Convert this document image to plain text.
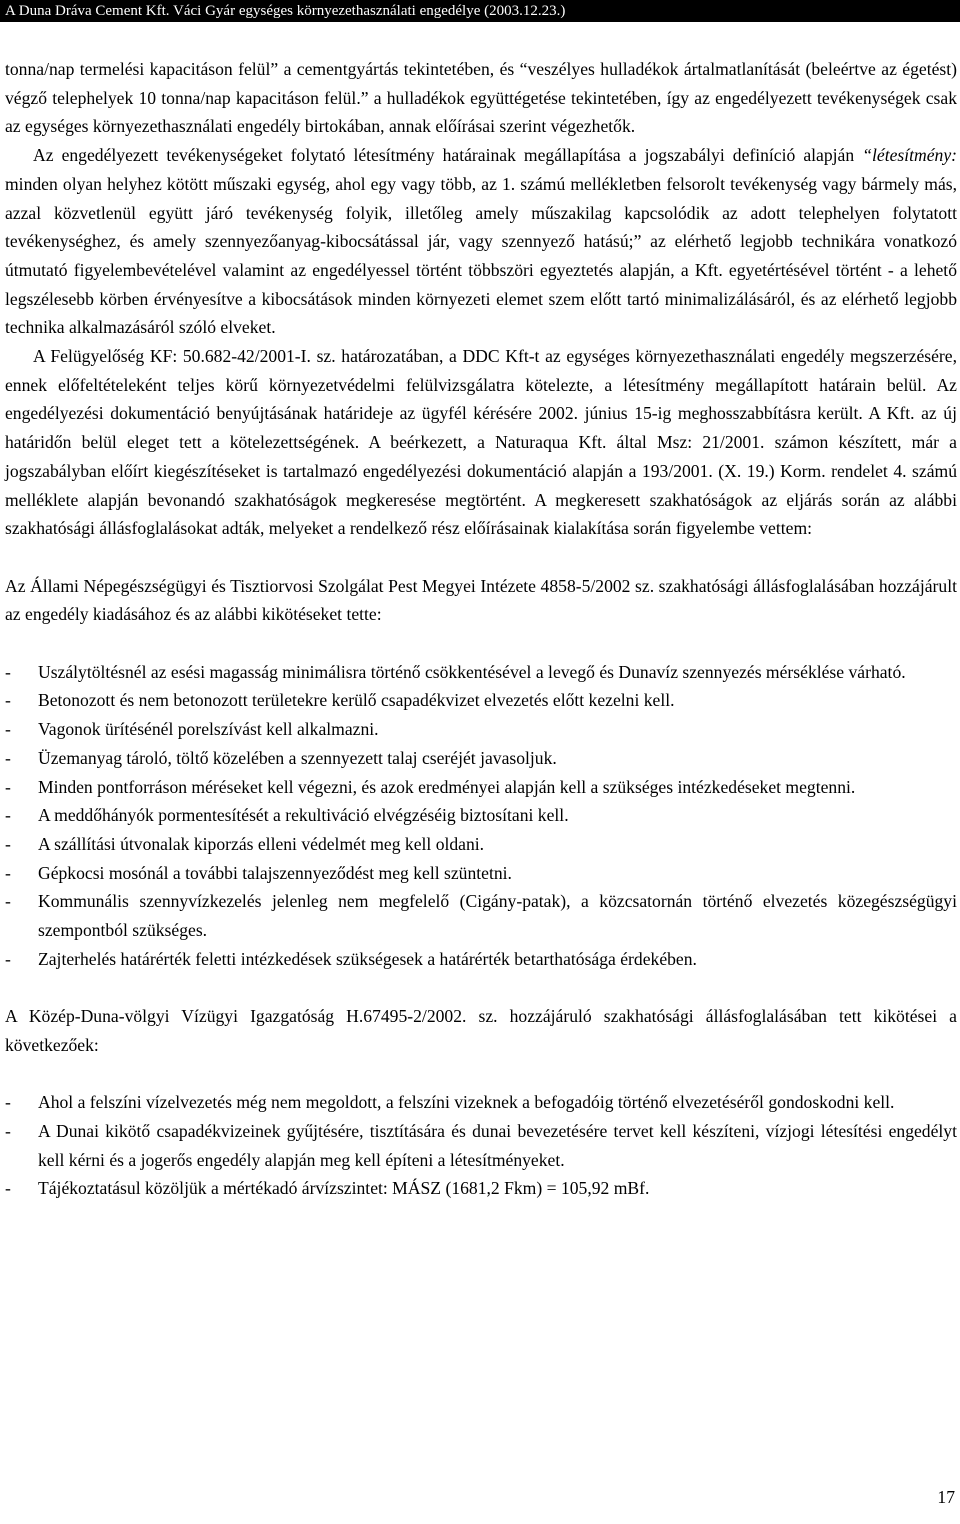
A Duna Dráva Cement Kft. Váci Gyár egységes környezethasználati engedélye (2003.12.23.)

tonna/nap termelési kapacitáson felül” a cementgyártás tekintetében, és “veszélyes hulladékok ártalmatlanítását (beleértve az égetést) végző telephelyek 10 tonna/nap kapacitáson felül.” a hulladékok együttégetése tekintetében, így az engedélyezett tevékenységek csak az egységes környezethasználati engedély birtokában, annak előírásai szerint végezhetők.

Az engedélyezett tevékenységeket folytató létesítmény határainak megállapítása a jogszabályi definíció alapján “létesítmény: minden olyan helyhez kötött műszaki egység, ahol egy vagy több, az 1. számú mellékletben felsorolt tevékenység vagy bármely más, azzal közvetlenül együtt járó tevékenység folyik, illetőleg amely műszakilag kapcsolódik az adott telephelyen folytatott tevékenységhez, és amely szennyezőanyag-kibocsátással jár, vagy szennyező hatású;” az elérhető legjobb technikára vonatkozó útmutató figyelembevételével valamint az engedélyessel történt többszöri egyeztetés alapján, a Kft. egyetértésével történt - a lehető legszélesebb körben érvényesítve a kibocsátások minden környezeti elemet szem előtt tartó minimalizálásáról, és az elérhető legjobb technika alkalmazásáról szóló elveket.

A Felügyelőség KF: 50.682-42/2001-I. sz. határozatában, a DDC Kft-t az egységes környezethasználati engedély megszerzésére, ennek előfeltételeként teljes körű környezetvédelmi felülvizsgálatra kötelezte, a létesítmény megállapított határain belül. Az engedélyezési dokumentáció benyújtásának határideje az ügyfél kérésére 2002. június 15-ig meghosszabbításra került. A Kft. az új határidőn belül eleget tett a kötelezettségének. A beérkezett, a Naturaqua Kft. által Msz: 21/2001. számon készített, már a jogszabályban előírt kiegészítéseket is tartalmazó engedélyezési dokumentáció alapján a 193/2001. (X. 19.) Korm. rendelet 4. számú melléklete alapján bevonandó szakhatóságok megkeresése megtörtént. A megkeresett szakhatóságok az eljárás során az alábbi szakhatósági állásfoglalásokat adták, melyeket a rendelkező rész előírásainak kialakítása során figyelembe vettem:

Az Állami Népegészségügyi és Tisztiorvosi Szolgálat Pest Megyei Intézete 4858-5/2002 sz. szakhatósági állásfoglalásában hozzájárult az engedély kiadásához és az alábbi kikötéseket tette:

- Uszálytöltésnél az esési magasság minimálisra történő csökkentésével a levegő és Dunavíz szennyezés mérséklése várható.
- Betonozott és nem betonozott területekre kerülő csapadékvizet elvezetés előtt kezelni kell.
- Vagonok ürítésénél porelszívást kell alkalmazni.
- Üzemanyag tároló, töltő közelében a szennyezett talaj cseréjét javasoljuk.
- Minden pontforráson méréseket kell végezni, és azok eredményei alapján kell a szükséges intézkedéseket megtenni.
- A meddőhányók pormentesítését a rekultiváció elvégzéséig biztosítani kell.
- A szállítási útvonalak kiporzás elleni védelmét meg kell oldani.
- Gépkocsi mosónál a további talajszennyeződést meg kell szüntetni.
- Kommunális szennyvízkezelés jelenleg nem megfelelő (Cigány-patak), a közcsatornán történő elvezetés közegészségügyi szempontból szükséges.
- Zajterhelés határérték feletti intézkedések szükségesek a határérték betarthatósága érdekében.

A Közép-Duna-völgyi Vízügyi Igazgatóság H.67495-2/2002. sz. hozzájáruló szakhatósági állásfoglalásában tett kikötései a következőek:

- Ahol a felszíni vízelvezetés még nem megoldott, a felszíni vizeknek a befogadóig történő elvezetéséről gondoskodni kell.
- A Dunai kikötő csapadékvizeinek gyűjtésére, tisztítására és dunai bevezetésére tervet kell készíteni, vízjogi létesítési engedélyt kell kérni és a jogerős engedély alapján meg kell építeni a létesítményeket.
- Tájékoztatásul közöljük a mértékadó árvízszintet: MÁSZ (1681,2 Fkm) = 105,92 mBf.
17
